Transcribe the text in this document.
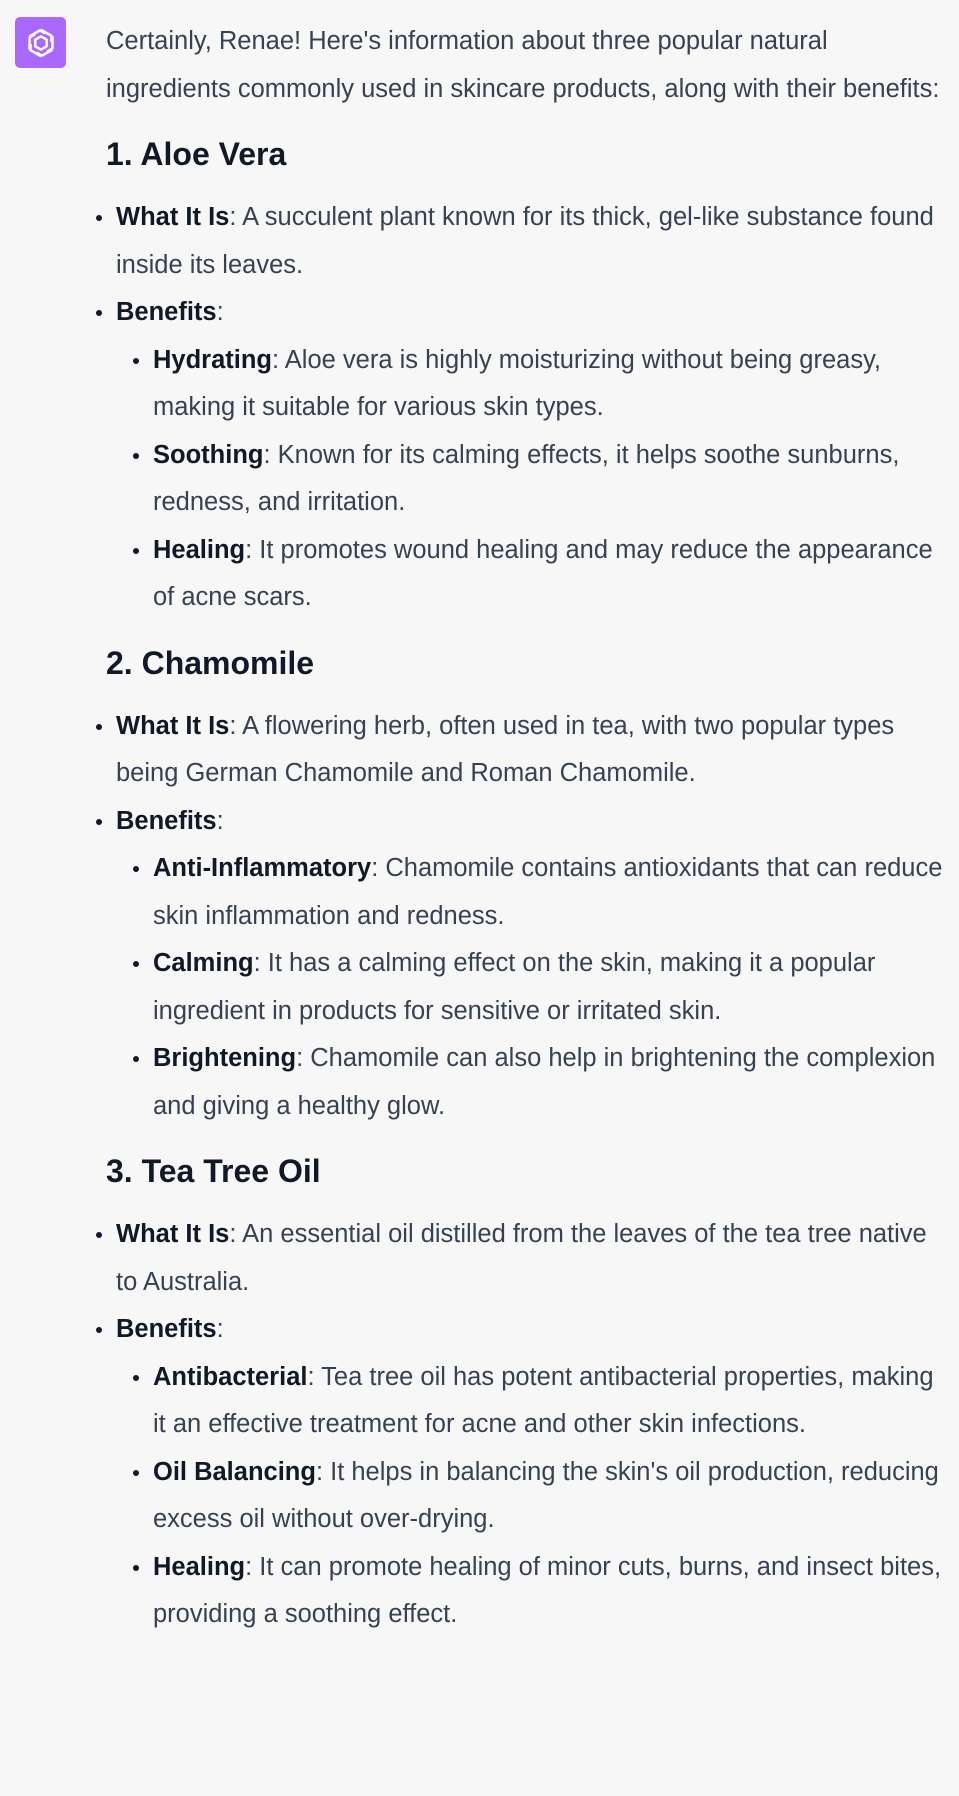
Certainly, Renae! Here's information about three popular natural ingredients commonly used in skincare products, along with their benefits:

1. Aloe Vera
What It Is: A succulent plant known for its thick, gel-like substance found inside its leaves.
Benefits:
Hydrating: Aloe vera is highly moisturizing without being greasy, making it suitable for various skin types.
Soothing: Known for its calming effects, it helps soothe sunburns, redness, and irritation.
Healing: It promotes wound healing and may reduce the appearance of acne scars.
2. Chamomile
What It Is: A flowering herb, often used in tea, with two popular types being German Chamomile and Roman Chamomile.
Benefits:
Anti-Inflammatory: Chamomile contains antioxidants that can reduce skin inflammation and redness.
Calming: It has a calming effect on the skin, making it a popular ingredient in products for sensitive or irritated skin.
Brightening: Chamomile can also help in brightening the complexion and giving a healthy glow.
3. Tea Tree Oil
What It Is: An essential oil distilled from the leaves of the tea tree native to Australia.
Benefits:
Antibacterial: Tea tree oil has potent antibacterial properties, making it an effective treatment for acne and other skin infections.
Oil Balancing: It helps in balancing the skin's oil production, reducing excess oil without over-drying.
Healing: It can promote healing of minor cuts, burns, and insect bites, providing a soothing effect.
